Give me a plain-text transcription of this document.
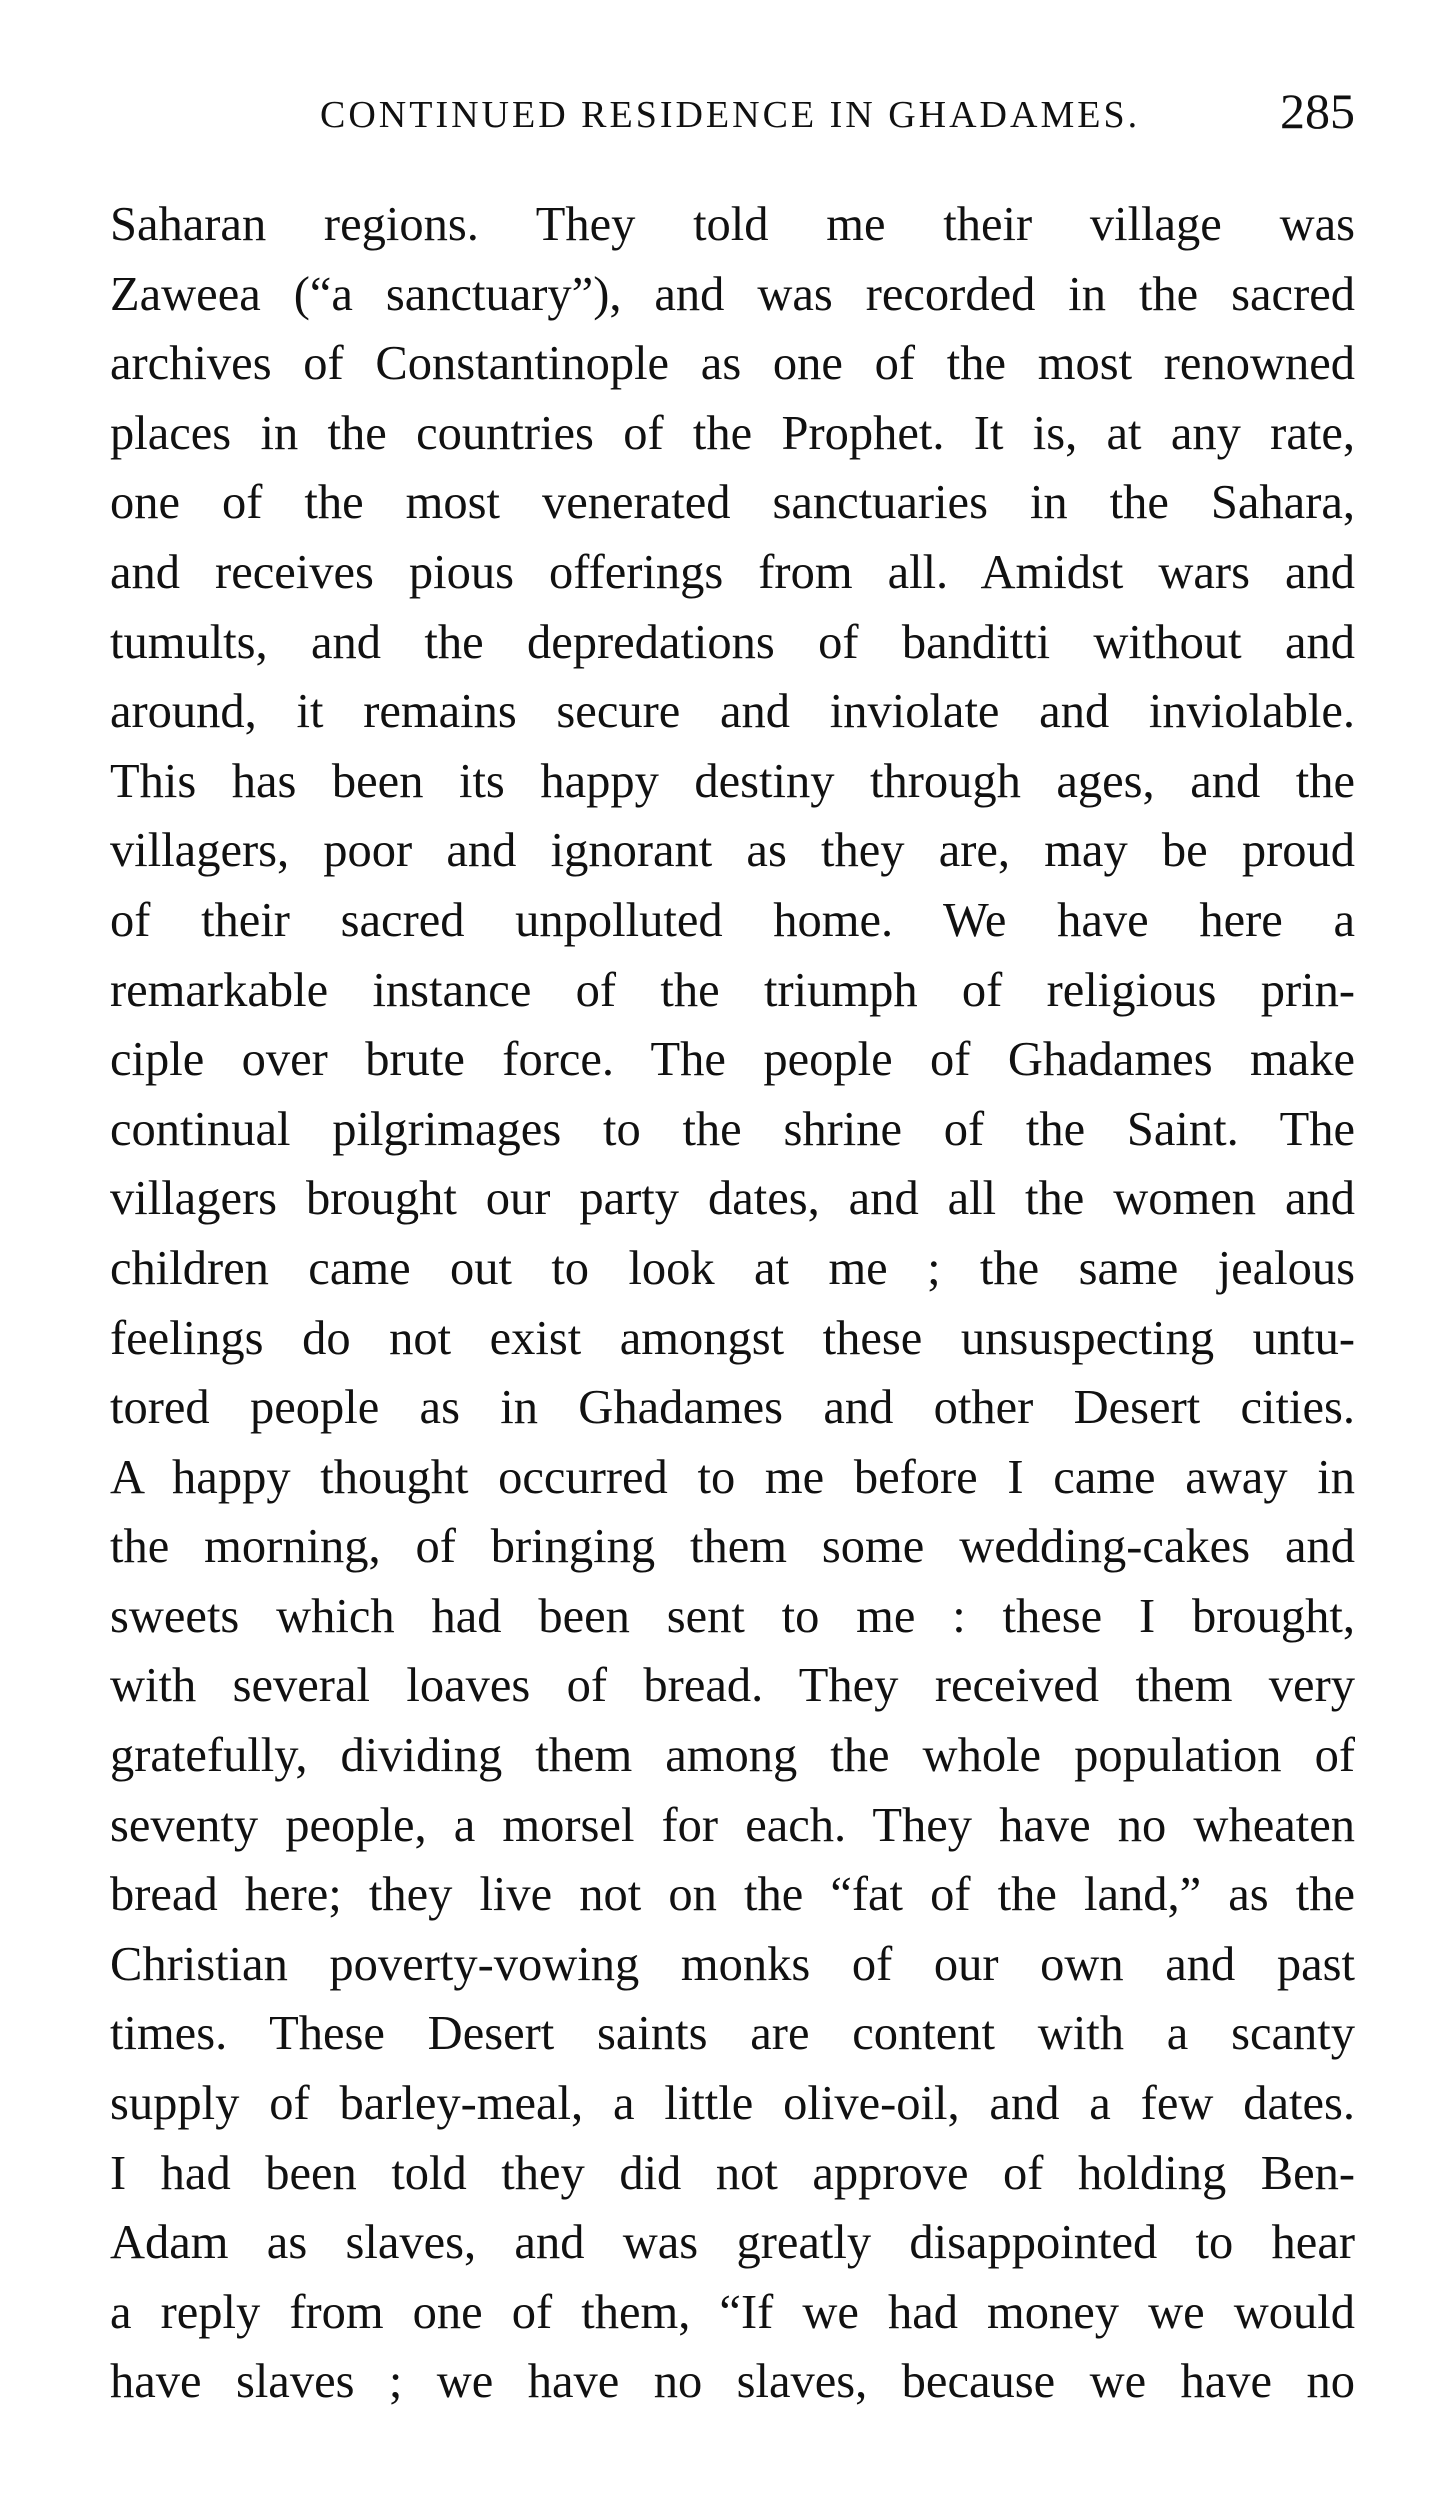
CONTINUED RESIDENCE IN GHADAMES.	285
Saharan regions. They told me their village was
Zaweea (“a sanctuary”), and was recorded in the sacred
archives of Constantinople as one of the most renowned
places in the countries of the Prophet. It is, at any rate,
one of the most venerated sanctuaries in the Sahara,
and receives pious offerings from all. Amidst wars and
tumults, and the depredations of banditti without and
around, it remains secure and inviolate and inviolable.
This has been its happy destiny through ages, and the
villagers, poor and ignorant as they are, may be proud
of their sacred unpolluted home. We have here a
remarkable instance of the triumph of religious prin-
ciple over brute force. The people of Ghadames make
continual pilgrimages to the shrine of the Saint. The
villagers brought our party dates, and all the women and
children came out to look at me ; the same jealous
feelings do not exist amongst these unsuspecting untu-
tored people as in Ghadames and other Desert cities.
A happy thought occurred to me before I came away in
the morning, of bringing them some wedding-cakes and
sweets which had been sent to me : these I brought,
with several loaves of bread. They received them very
gratefully, dividing them among the whole population of
seventy people, a morsel for each. They have no wheaten
bread here; they live not on the “fat of the land,” as the
Christian poverty-vowing monks of our own and past
times. These Desert saints are content with a scanty
supply of barley-meal, a little olive-oil, and a few dates.
I had been told they did not approve of holding Ben-
Adam as slaves, and was greatly disappointed to hear
a reply from one of them, “If we had money we would
have slaves ; we have no slaves, because we have no
